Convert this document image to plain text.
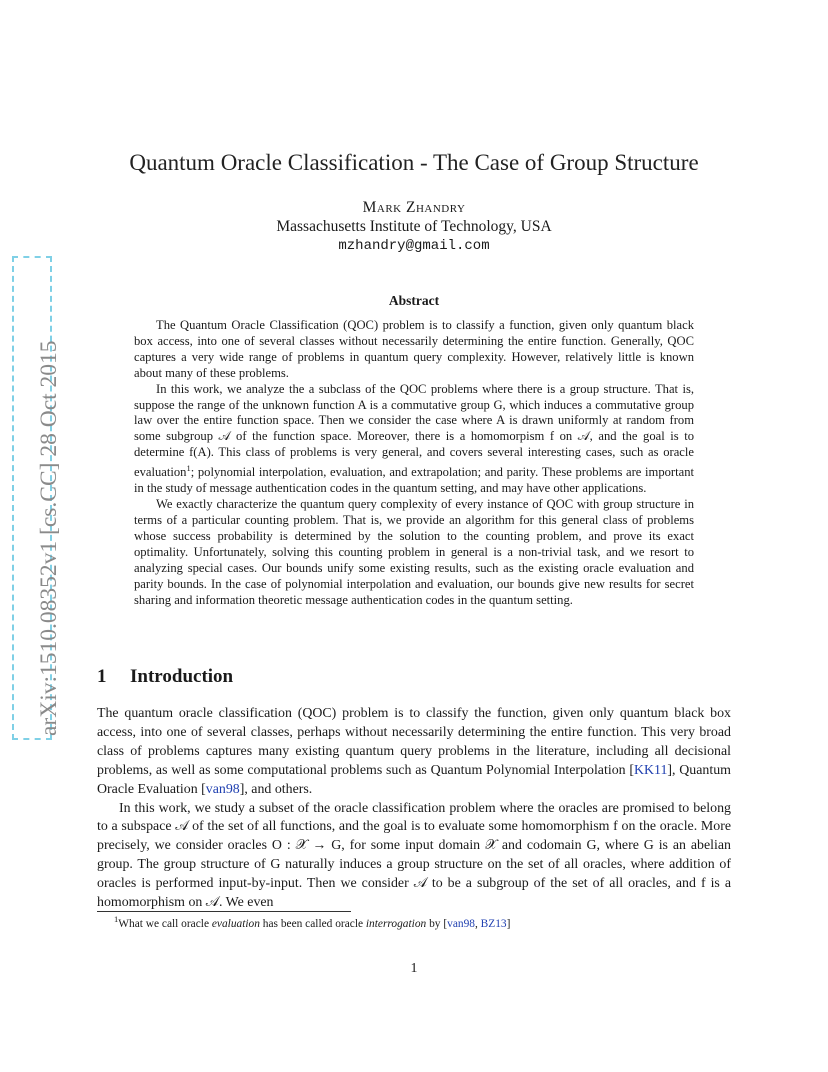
arXiv:1510.08352v1 [cs.CC] 28 Oct 2015
Quantum Oracle Classification - The Case of Group Structure
Mark Zhandry
Massachusetts Institute of Technology, USA
mzhandry@gmail.com
Abstract

The Quantum Oracle Classification (QOC) problem is to classify a function, given only quantum black box access, into one of several classes without necessarily determining the entire function. Generally, QOC captures a very wide range of problems in quantum query complexity. However, relatively little is known about many of these problems.

In this work, we analyze the a subclass of the QOC problems where there is a group structure. That is, suppose the range of the unknown function A is a commutative group G, which induces a commutative group law over the entire function space. Then we consider the case where A is drawn uniformly at random from some subgroup 𝒜 of the function space. Moreover, there is a homomorpism f on 𝒜, and the goal is to determine f(A). This class of problems is very general, and covers several interesting cases, such as oracle evaluation$^1$; polynomial interpolation, evaluation, and extrapolation; and parity. These problems are important in the study of message authentication codes in the quantum setting, and may have other applications.

We exactly characterize the quantum query complexity of every instance of QOC with group structure in terms of a particular counting problem. That is, we provide an algorithm for this general class of problems whose success probability is determined by the solution to the counting problem, and prove its exact optimality. Unfortunately, solving this counting problem in general is a non-trivial task, and we resort to analyzing special cases. Our bounds unify some existing results, such as the existing oracle evaluation and parity bounds. In the case of polynomial interpolation and evaluation, our bounds give new results for secret sharing and information theoretic message authentication codes in the quantum setting.

1 Introduction

The quantum oracle classification (QOC) problem is to classify the function, given only quantum black box access, into one of several classes, perhaps without necessarily determining the entire function. This very broad class of problems captures many existing quantum query problems in the literature, including all decisional problems, as well as some computational problems such as Quantum Polynomial Interpolation [KK11], Quantum Oracle Evaluation [van98], and others.

In this work, we study a subset of the oracle classification problem where the oracles are promised to belong to a subspace 𝒜 of the set of all functions, and the goal is to evaluate some homomorphism f on the oracle. More precisely, we consider oracles O : 𝒳 → G, for some input domain 𝒳 and codomain G, where G is an abelian group. The group structure of G naturally induces a group structure on the set of all oracles, where addition of oracles is performed input-by-input. Then we consider 𝒜 to be a subgroup of the set of all oracles, and f is a homomorphism on 𝒜. We even

$^1$What we call oracle evaluation has been called oracle interrogation by [van98, BZ13]
1
